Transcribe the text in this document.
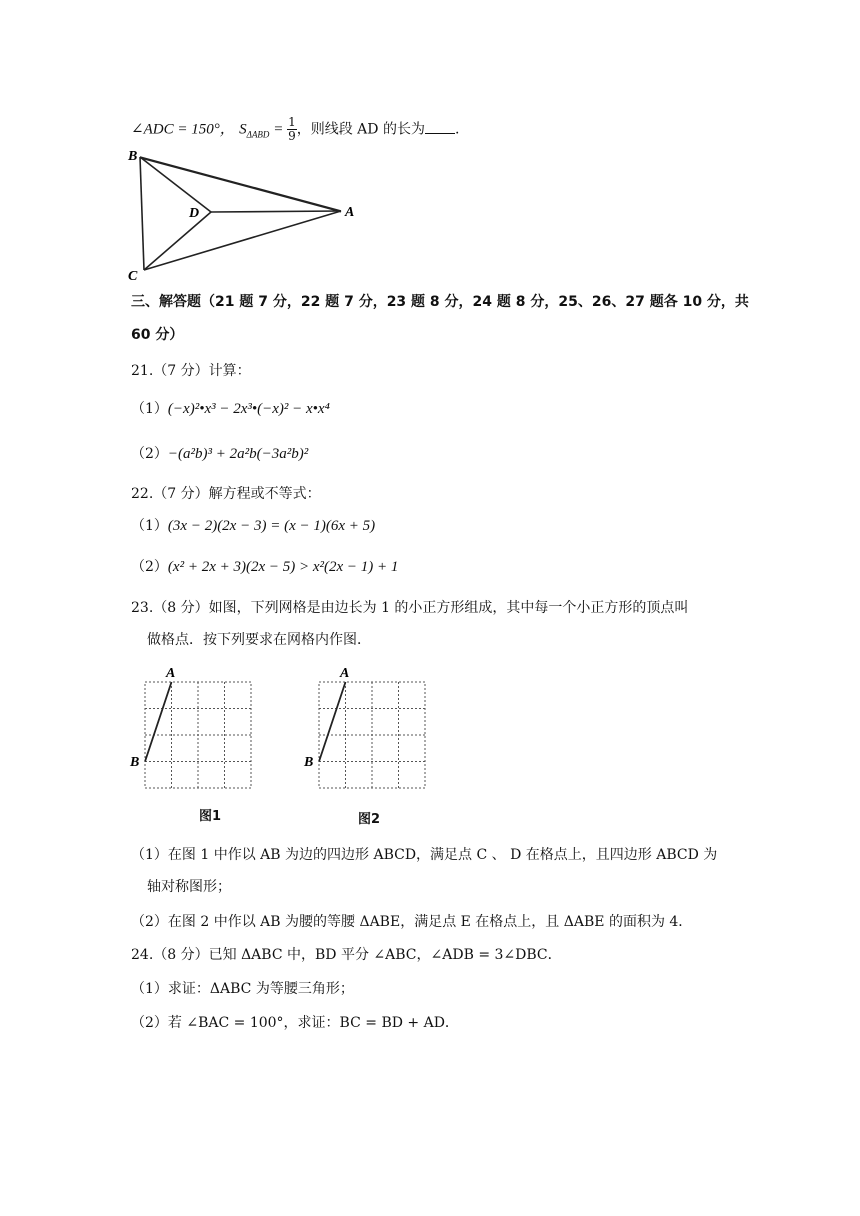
∠ADC = 150°， $S_{\Delta ABD} = \frac{1}{9}$ ，则线段 AD 的长为 .
B
C
D	A
三、解答题（21 题 7 分，22 题 7 分，23 题 8 分，24 题 8 分，25、26、27 题各 10 分，共
60 分）
21.（7 分）计算：
（1）(−x)²•x³ − 2x³•(−x)² − x•x⁴
（2）−(a²b)³ + 2a²b(−3a²b)²
22.（7 分）解方程或不等式：
（1）(3x − 2)(2x − 3) = (x − 1)(6x + 5)
（2）(x² + 2x + 3)(2x − 5) > x²(2x − 1) + 1
23.（8 分）如图，下列网格是由边长为 1 的小正方形组成，其中每一个小正方形的顶点叫
做格点．按下列要求在网格内作图．
A
B
图1
A
B
图2
（1）在图 1 中作以 AB 为边的四边形 ABCD，满足点 C 、 D 在格点上，且四边形 ABCD 为
轴对称图形；
（2）在图 2 中作以 AB 为腰的等腰 ΔABE，满足点 E 在格点上，且 ΔABE 的面积为 4．
24.（8 分）已知 ΔABC 中，BD 平分 ∠ABC，∠ADB = 3∠DBC．
（1）求证：ΔABC 为等腰三角形；
（2）若 ∠BAC = 100°，求证：BC = BD + AD．
